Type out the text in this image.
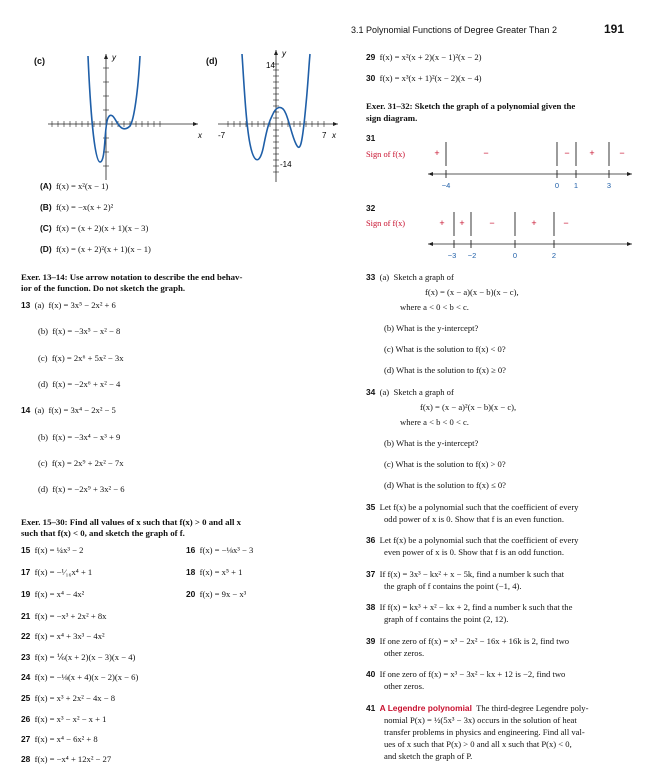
3.1 Polynomial Functions of Degree Greater Than 2	191
(c)
x
y	(d)	14
-14
-7	7 x
y
(A) f(x) = x²(x − 1)
(B) f(x) = −x(x + 2)²
(C) f(x) = (x + 2)(x + 1)(x − 3)
(D) f(x) = (x + 2)²(x + 1)(x − 1)
Exer. 13–14: Use arrow notation to describe the end behav-
ior of the function. Do not sketch the graph.
13 (a) f(x) = 3x⁵ − 2x² + 6
(b) f(x) = −3x⁵ − x² − 8
(c) f(x) = 2x⁶ + 5x² − 3x
(d) f(x) = −2x⁶ + x² − 4
14 (a) f(x) = 3x⁴ − 2x² − 5
(b) f(x) = −3x⁴ − x³ + 9
(c) f(x) = 2x⁹ + 2x² − 7x
(d) f(x) = −2x⁹ + 3x² − 6
Exer. 15–30: Find all values of x such that f(x) > 0 and all x
such that f(x) < 0, and sketch the graph of f.
15 f(x) = ¼x³ − 2	16 f(x) = −⅛x³ − 3
17 f(x) = −¹⁄₁₆x⁴ + 1	18 f(x) = x⁵ + 1
19 f(x) = x⁴ − 4x²	20 f(x) = 9x − x³
21 f(x) = −x³ + 2x² + 8x
22 f(x) = x⁴ + 3x³ − 4x²
23 f(x) = ⅙(x + 2)(x − 3)(x − 4)
24 f(x) = −⅛(x + 4)(x − 2)(x − 6)
25 f(x) = x³ + 2x² − 4x − 8
26 f(x) = x³ − x² − x + 1
27 f(x) = x⁴ − 6x² + 8
28 f(x) = −x⁴ + 12x² − 27
29 f(x) = x²(x + 2)(x − 1)²(x − 2)
30 f(x) = x³(x + 1)²(x − 2)(x − 4)
Exer. 31–32: Sketch the graph of a polynomial given the
sign diagram.
31
Sign of f(x)	+	−	− +	−
−4	0 1	3
32
Sign of f(x)	+ +	−	+	−
−3 −2	0	2
33 (a) Sketch a graph of
f(x) = (x − a)(x − b)(x − c),
where a < 0 < b < c.
(b) What is the y-intercept?
(c) What is the solution to f(x) < 0?
(d) What is the solution to f(x) ≥ 0?
34 (a) Sketch a graph of
f(x) = (x − a)²(x − b)(x − c),
where a < b < 0 < c.
(b) What is the y-intercept?
(c) What is the solution to f(x) > 0?
(d) What is the solution to f(x) ≤ 0?
35 Let f(x) be a polynomial such that the coefficient of every
odd power of x is 0. Show that f is an even function.
36 Let f(x) be a polynomial such that the coefficient of every
even power of x is 0. Show that f is an odd function.
37 If f(x) = 3x³ − kx² + x − 5k, find a number k such that
the graph of f contains the point (−1, 4).
38 If f(x) = kx³ + x² − kx + 2, find a number k such that the
graph of f contains the point (2, 12).
39 If one zero of f(x) = x³ − 2x² − 16x + 16k is 2, find two
other zeros.
40 If one zero of f(x) = x³ − 3x² − kx + 12 is −2, find two
other zeros.
41 A Legendre polynomial The third-degree Legendre poly-
nomial P(x) = ½(5x³ − 3x) occurs in the solution of heat
transfer problems in physics and engineering. Find all val-
ues of x such that P(x) > 0 and all x such that P(x) < 0,
and sketch the graph of P.
